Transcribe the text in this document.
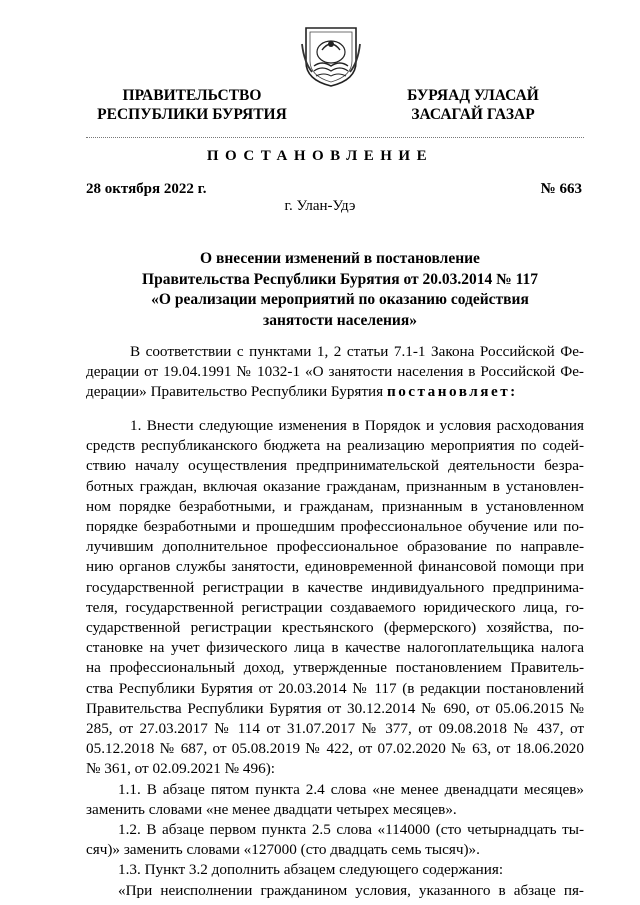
ПРАВИТЕЛЬСТВО
РЕСПУБЛИКИ БУРЯТИЯ
БУРЯАД УЛАСАЙ
ЗАСАГАЙ ГАЗАР
ПОСТАНОВЛЕНИЕ
28 октября 2022 г.	№ 663
г. Улан-Удэ
О внесении изменений в постановление
Правительства Республики Бурятия от 20.03.2014 № 117
«О реализации мероприятий по оказанию содействия
занятости населения»
В соответствии с пунктами 1, 2 статьи 7.1-1 Закона Российской Фе-
дерации от 19.04.1991 № 1032-1 «О занятости населения в Российской Фе-
дерации» Правительство Республики Бурятия постановляет:
1. Внести следующие изменения в Порядок и условия расходования
средств республиканского бюджета на реализацию мероприятия по содей-
ствию началу осуществления предпринимательской деятельности безра-
ботных граждан, включая оказание гражданам, признанным в установлен-
ном порядке безработными, и гражданам, признанным в установленном
порядке безработными и прошедшим профессиональное обучение или по-
лучившим дополнительное профессиональное образование по направле-
нию органов службы занятости, единовременной финансовой помощи при
государственной регистрации в качестве индивидуального предпринима-
теля, государственной регистрации создаваемого юридического лица, го-
сударственной регистрации крестьянского (фермерского) хозяйства, по-
становке на учет физического лица в качестве налогоплательщика налога
на профессиональный доход, утвержденные постановлением Правитель-
ства Республики Бурятия от 20.03.2014 № 117 (в редакции постановлений
Правительства Республики Бурятия от 30.12.2014 № 690, от 05.06.2015 №
285, от 27.03.2017 № 114 от 31.07.2017 № 377, от 09.08.2018 № 437, от
05.12.2018 № 687, от 05.08.2019 № 422, от 07.02.2020 № 63, от 18.06.2020
№ 361, от 02.09.2021 № 496):
1.1. В абзаце пятом пункта 2.4 слова «не менее двенадцати месяцев»
заменить словами «не менее двадцати четырех месяцев».
1.2. В абзаце первом пункта 2.5 слова «114000 (сто четырнадцать ты-
сяч)» заменить словами «127000 (сто двадцать семь тысяч)».
1.3. Пункт 3.2 дополнить абзацем следующего содержания:
«При неисполнении гражданином условия, указанного в абзаце пя-
